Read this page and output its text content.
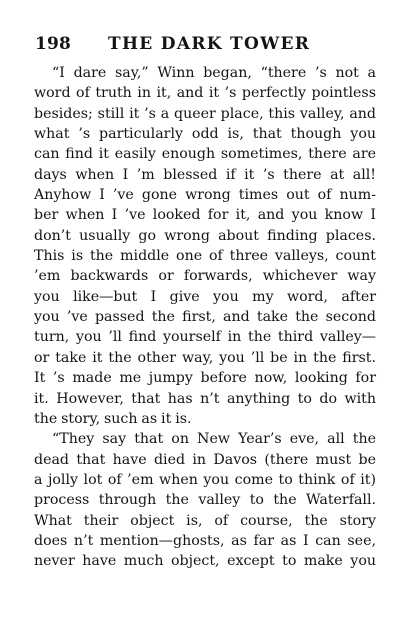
198 THE DARK TOWER
“I dare say,” Winn began, “there ’s not a
word of truth in it, and it ’s perfectly pointless
besides; still it ’s a queer place, this valley, and
what ’s particularly odd is, that though you
can find it easily enough sometimes, there are
days when I ’m blessed if it ’s there at all!
Anyhow I ’ve gone wrong times out of num-
ber when I ’ve looked for it, and you know I
don’t usually go wrong about finding places.
This is the middle one of three valleys, count
’em backwards or forwards, whichever way
you like—but I give you my word, after
you ’ve passed the first, and take the second
turn, you ’ll find yourself in the third valley—
or take it the other way, you ’ll be in the first.
It ’s made me jumpy before now, looking for
it. However, that has n’t anything to do with
the story, such as it is.
“They say that on New Year’s eve, all the
dead that have died in Davos (there must be
a jolly lot of ’em when you come to think of it)
process through the valley to the Waterfall.
What their object is, of course, the story
does n’t mention—ghosts, as far as I can see,
never have much object, except to make you
